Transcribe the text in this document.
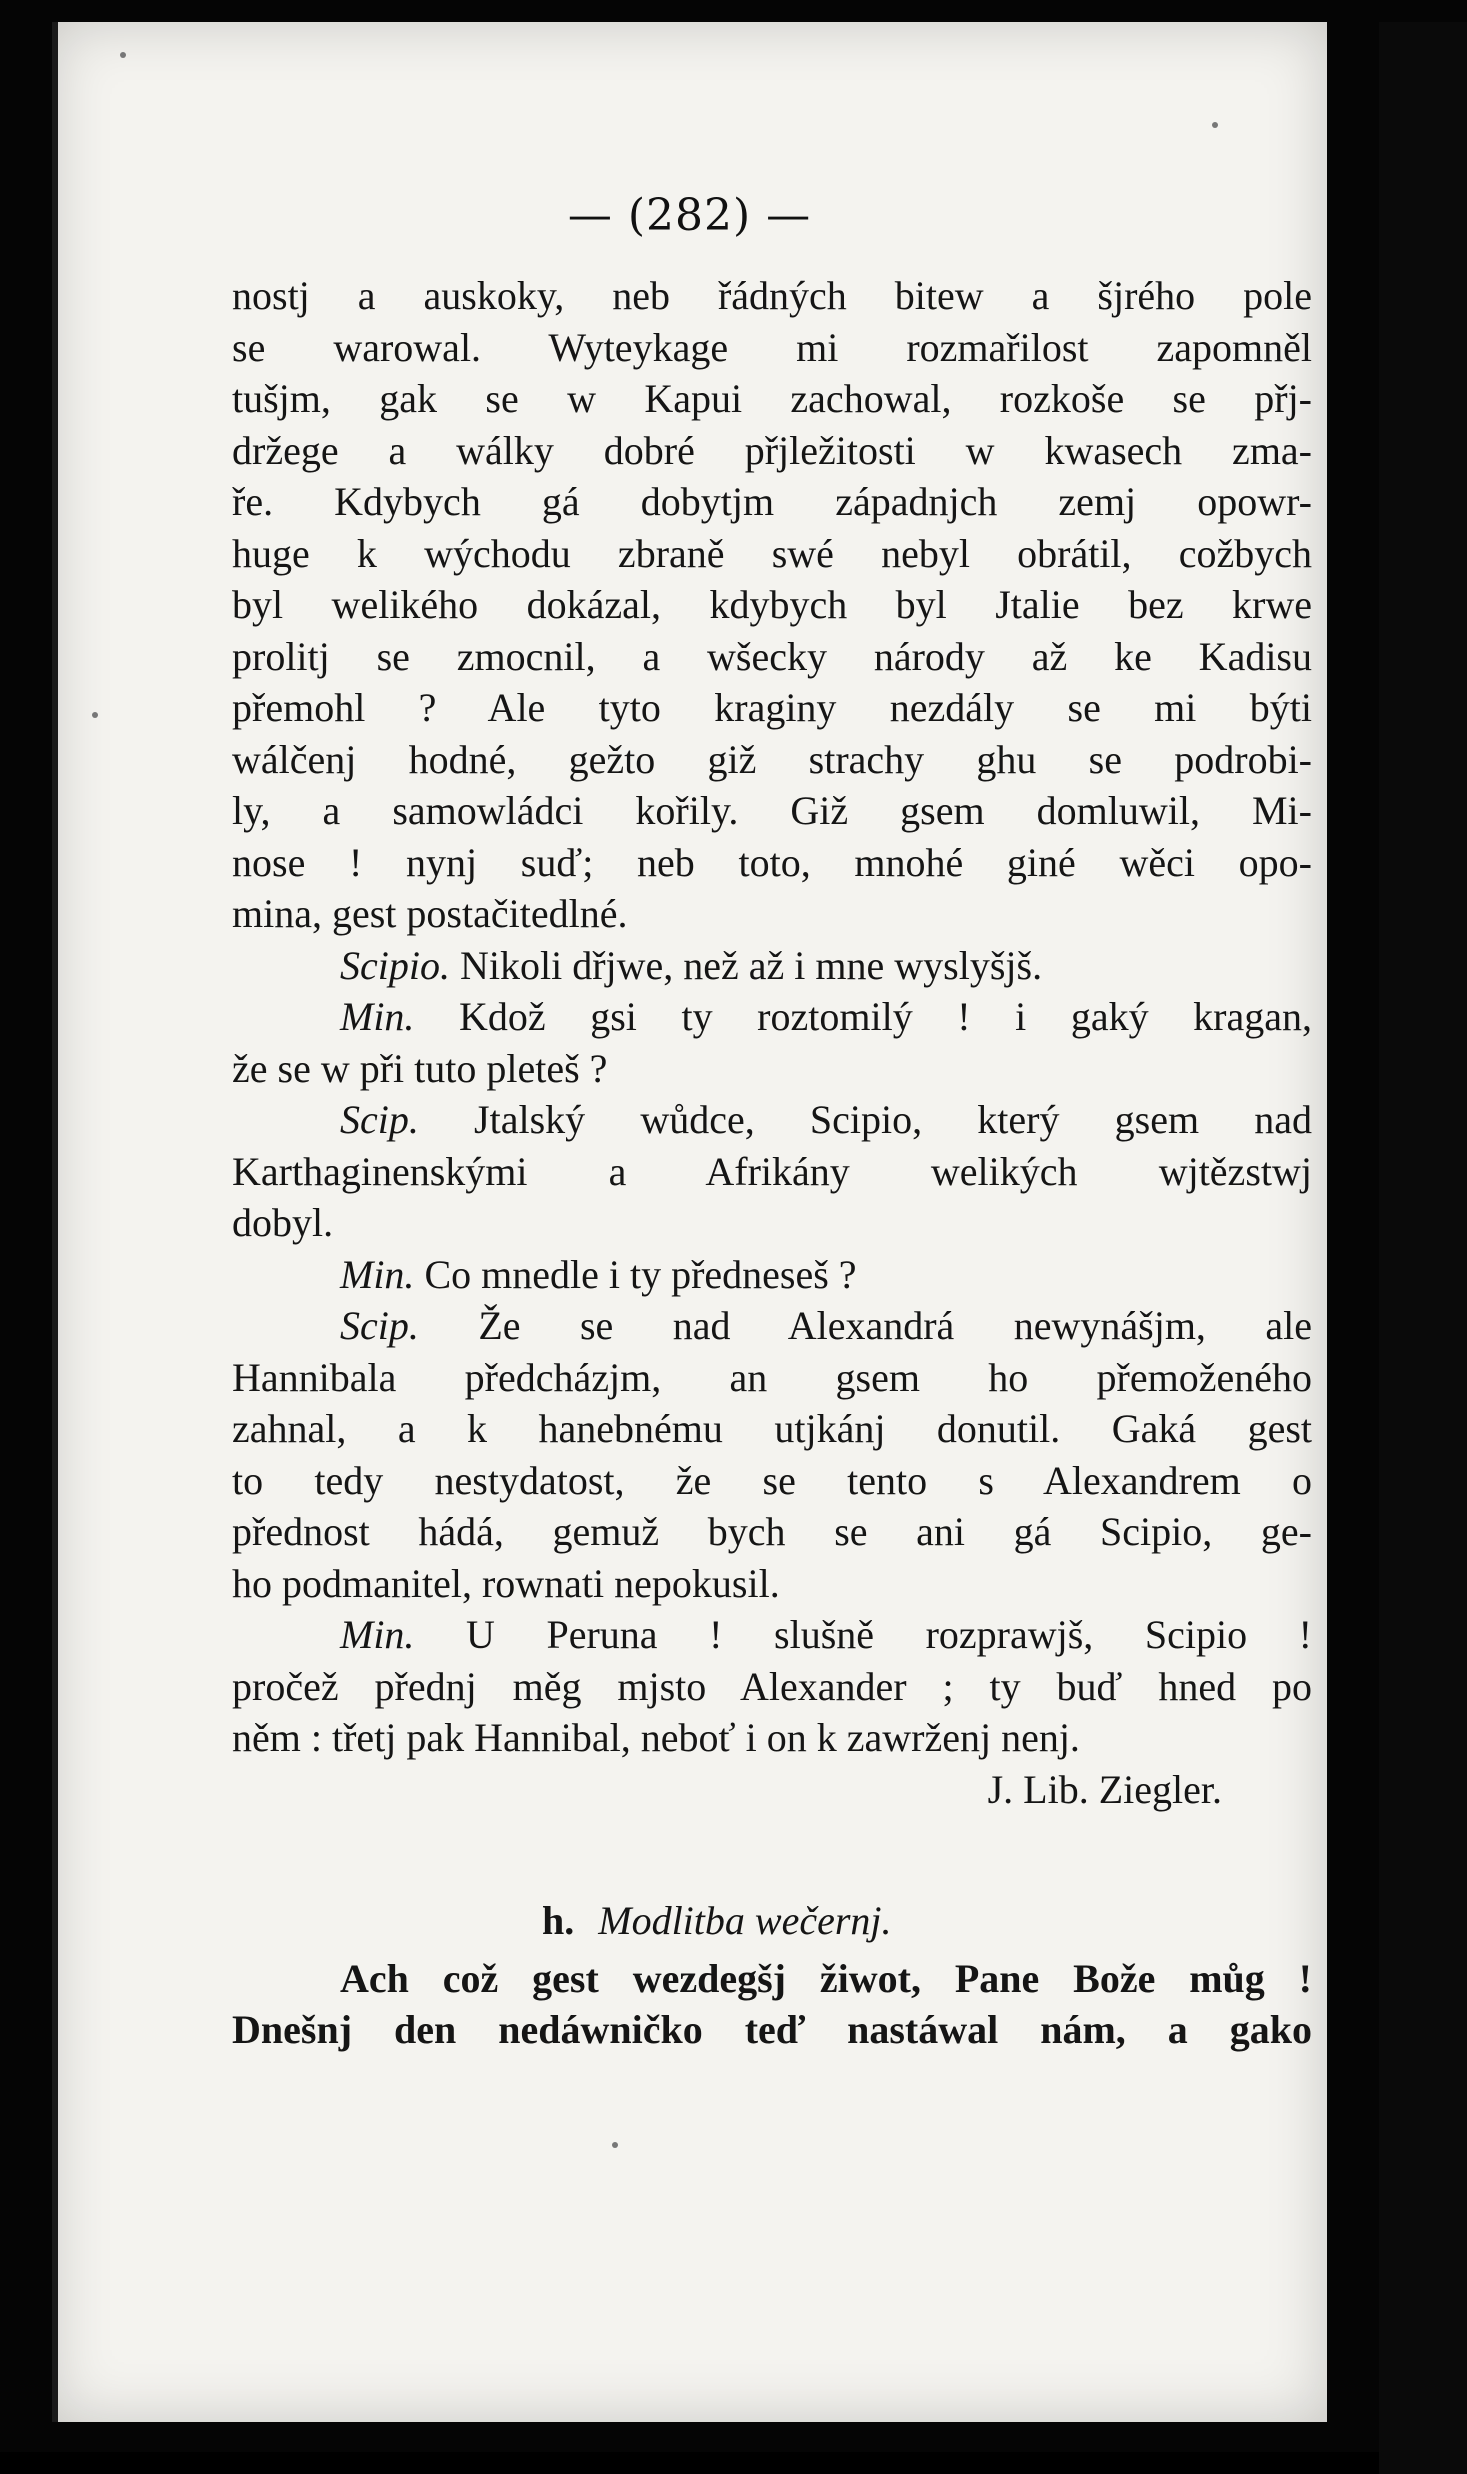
— (282) —
nostj a auskoky, neb řádných bitew a šjrého pole
se warowal. Wyteykage mi rozmařilost zapomněl
tušjm, gak se w Kapui zachowal, rozkoše se přj-
držege a wálky dobré přjležitosti w kwasech zma-
ře. Kdybych gá dobytjm západnjch zemj opowr-
huge k wýchodu zbraně swé nebyl obrátil, cožbych
byl welikého dokázal, kdybych byl Jtalie bez krwe
prolitj se zmocnil, a wšecky národy až ke Kadisu
přemohl ? Ale tyto kraginy nezdály se mi býti
wálčenj hodné, gežto giž strachy ghu se podrobi-
ly, a samowládci kořily. Giž gsem domluwil, Mi-
nose ! nynj suď; neb toto, mnohé giné wěci opo-
mina, gest postačitedlné.
Scipio. Nikoli dřjwe, než až i mne wyslyšjš.
Min. Kdož gsi ty roztomilý ! i gaký kragan,
že se w při tuto pleteš ?
Scip. Jtalský wůdce, Scipio, který gsem nad
Karthaginenskými a Afrikány welikých wjtězstwj
dobyl.
Min. Co mnedle i ty předneseš ?
Scip. Že se nad Alexandrá newynášjm, ale
Hannibala předcházjm, an gsem ho přemoženého
zahnal, a k hanebnému utjkánj donutil. Gaká gest
to tedy nestydatost, že se tento s Alexandrem o
přednost hádá, gemuž bych se ani gá Scipio, ge-
ho podmanitel, rownati nepokusil.
Min. U Peruna ! slušně rozprawjš, Scipio !
pročež přednj měg mjsto Alexander ; ty buď hned po
něm : třetj pak Hannibal, neboť i on k zawrženj nenj.
J. Lib. Ziegler.
h. Modlitba wečernj.
Ach což gest wezdegšj žiwot, Pane Bože můg !
Dnešnj den nedáwničko teď nastáwal nám, a gako
